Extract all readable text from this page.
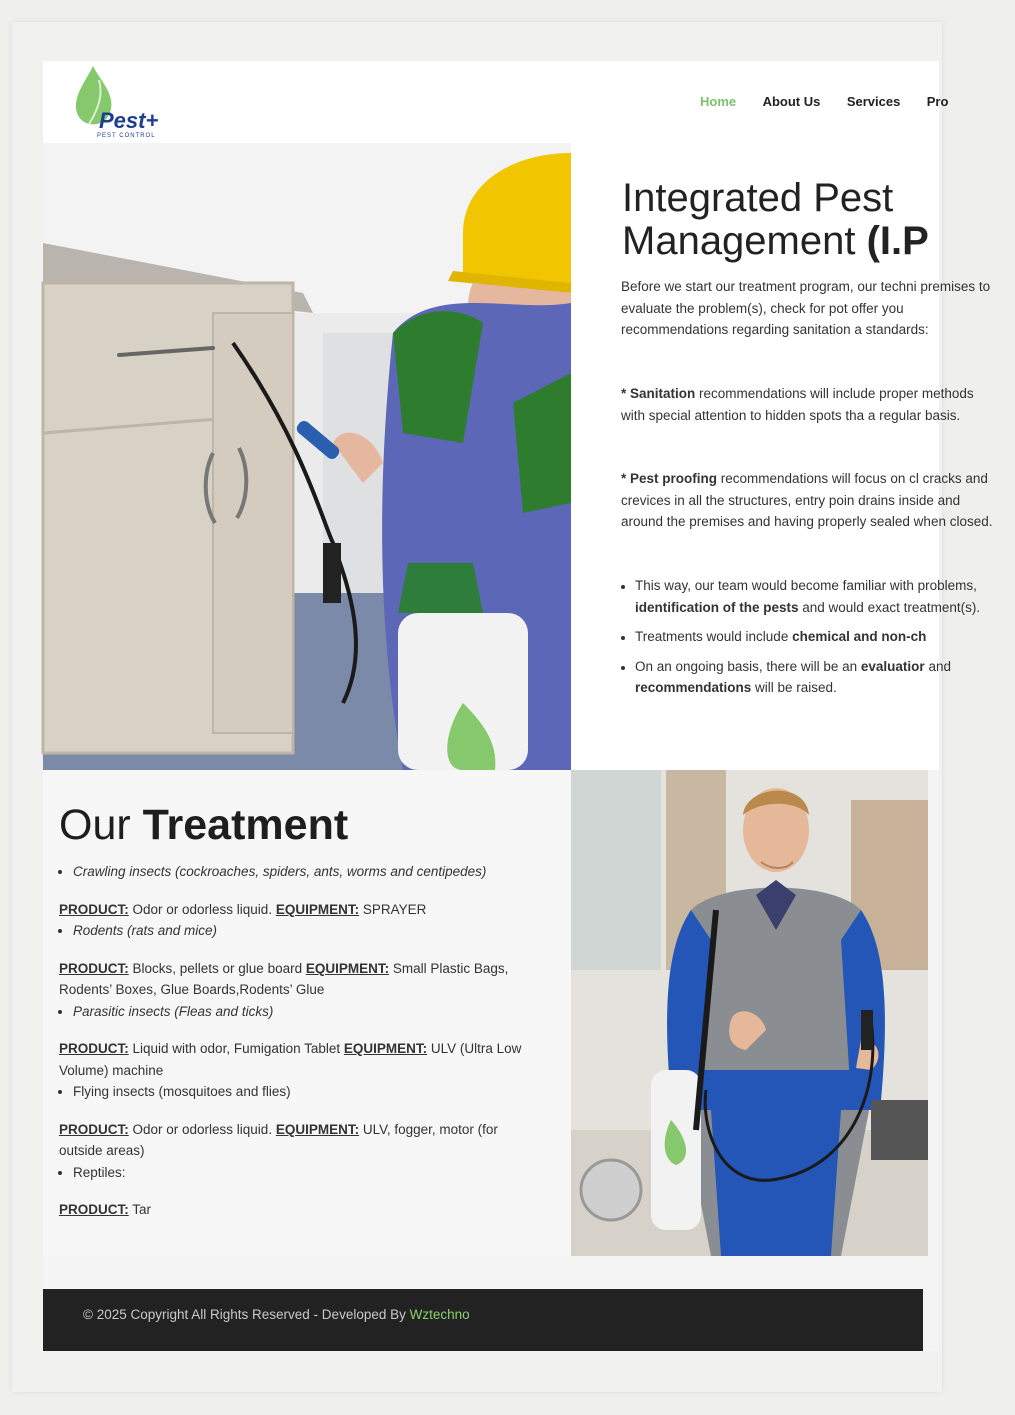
Pest+
PEST CONTROL
Home About Us Services Pro
Integrated Pest
Management (I.P

Before we start our treatment program, our techni premises to evaluate the problem(s), check for pot offer you recommendations regarding sanitation a standards:

* Sanitation recommendations will include proper methods with special attention to hidden spots tha a regular basis.

* Pest proofing recommendations will focus on cl cracks and crevices in all the structures, entry poin drains inside and around the premises and having properly sealed when closed.

• This way, our team would become familiar with problems, identification of the pests and would exact treatment(s).
• Treatments would include chemical and non-ch
• On an ongoing basis, there will be an evaluatior and recommendations will be raised.
Our Treatment
• Crawling insects (cockroaches, spiders, ants, worms and centipedes)

PRODUCT: Odor or odorless liquid. EQUIPMENT: SPRAYER

• Rodents (rats and mice)

PRODUCT: Blocks, pellets or glue board EQUIPMENT: Small Plastic Bags, Rodents’ Boxes, Glue Boards,Rodents’ Glue

• Parasitic insects (Fleas and ticks)

PRODUCT: Liquid with odor, Fumigation Tablet EQUIPMENT: ULV (Ultra Low Volume) machine

• Flying insects (mosquitoes and flies)

PRODUCT: Odor or odorless liquid. EQUIPMENT: ULV, fogger, motor (for outside areas)

• Reptiles:

PRODUCT: Tar

© 2025 Copyright All Rights Reserved - Developed By Wztechno
